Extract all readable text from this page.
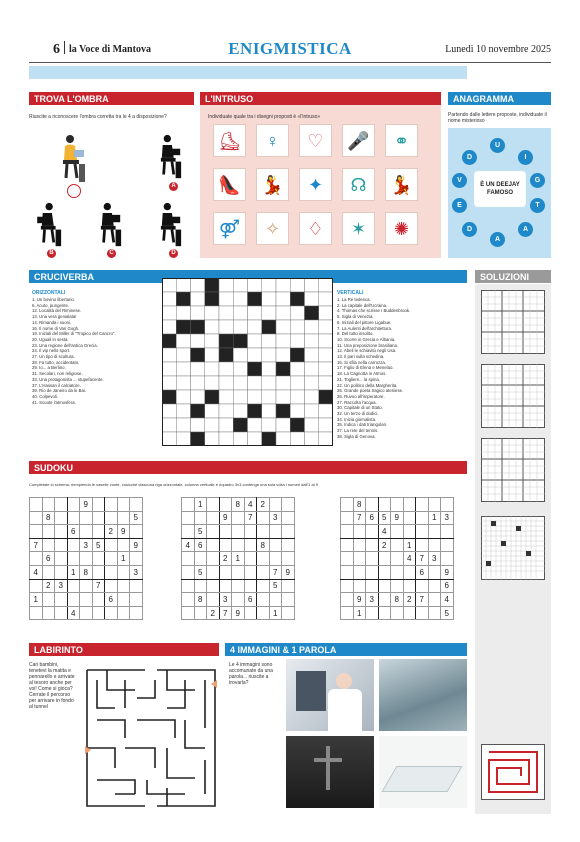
6 la Voce di Mantova	ENIGMISTICA	Lunedì 10 novembre 2025
TROVA L'OMBRA
Riuscite a riconoscere l'ombra corretta tra le 4 a disposizione?
A
B	C	D
L'INTRUSO
Individuate quale tra i disegni proposti è «l'intruso»
⛸	♀	♡	🎤	⚭
👠 💃	✦	☊	💃
⚤	✧	♢	✶	✺
ANAGRAMMA
Partendo dalle lettere proposte, individuate il nome misterioso
È UN DEEJAY FAMOSO
D
U
I
G
T
A
A
D
E
V
CRUCIVERBA
ORIZZONTALI
1. Un bovino libertario.
6. Acuto, pungente.
12. Località del Riminese.
13. Una vera genialata!
14. Rimanda i suoni.
16. Il nome di Van Gogh.
19. Iniziali del Miller di "Tropico del Cancro".
20. Uguali in sesta.
23. Una regione dell'antica Grecia.
24. Il vip nello sport.
27. Un tipo di scultura.
28. Fa tutto, accidentato.
29. Io... a Berlino.
31. Secolari, non religiose.
33. Una protagonista ... stupefacente.
37. L'Hassan il calciatore.
39. Rio de Janeiro da le Bai.
40. Colpevoli.
41. Scuote l'atmosfera.
VERTICALI
1. La Re tedesca.
2. La capitale dell'Ucraina.
4. Thomas che scrisse I Buddenbrook.
5. Sigla di Venezia.
6. Iniziali del pittore Ligabue.
7. La Aulenti dell'architettura.
8. Del tutto insolito.
10. Scorre in Grecia e Albania.
11. Una preposizione brasiliana.
12. Abeli le schiavitù negli Usa.
13. Il pari sulla schedina.
15. Si sfila nella carrozza.
17. Figlio di Elena e Menelao.
18. La Cagnotta in Atmos.
21. Togliere... la spina.
22. Un politico della Margherita.
25. Grande poeta tragico ateniese.
26. Ruvoo all'imperatore.
27. Raccolta l'acqua.
30. Capitale di un Stato.
32. Un terzo di dodici.
34. Inizia giornalista.
35. Indica i dati triangolari.
37. La rete del tennis.
38. Sigla di Genova.
SOLUZIONI
SUDOKU
Completate lo schema, riempiendo le caselle vuote, cosicché ciascuna riga orizzontale, colonna verticale e riquadro 3x3 contenga una sola volta i numeri dall'1 al 9
				9				
	8							5
			6			2	9	
7				3	5			9
	6						1	
4			1	8				3
	2	3			7			
1						6		
			4					
	1			8	4	2		
			9		7		3	
	5							
4	6					8		
			2	1				
	5						7	9
							5	
	8		3		6			
		2	7	9			1	
	8							
	7	6	5	9			1	3
			4					
			2		1			
					4	7	3	
						6		9
								6
	9	3		8	2	7		4
	1							5
LABIRINTO
Cari bambini, tenetevi la matita e pennarello e arrivate al tesoro anche per voi! Come si gioca? Cerrate il percorso per arrivare in fondo al tunnel
4 IMMAGINI & 1 PAROLA
Le 4 immagini sono accomunate da una parola... riuscite a trovarla?
